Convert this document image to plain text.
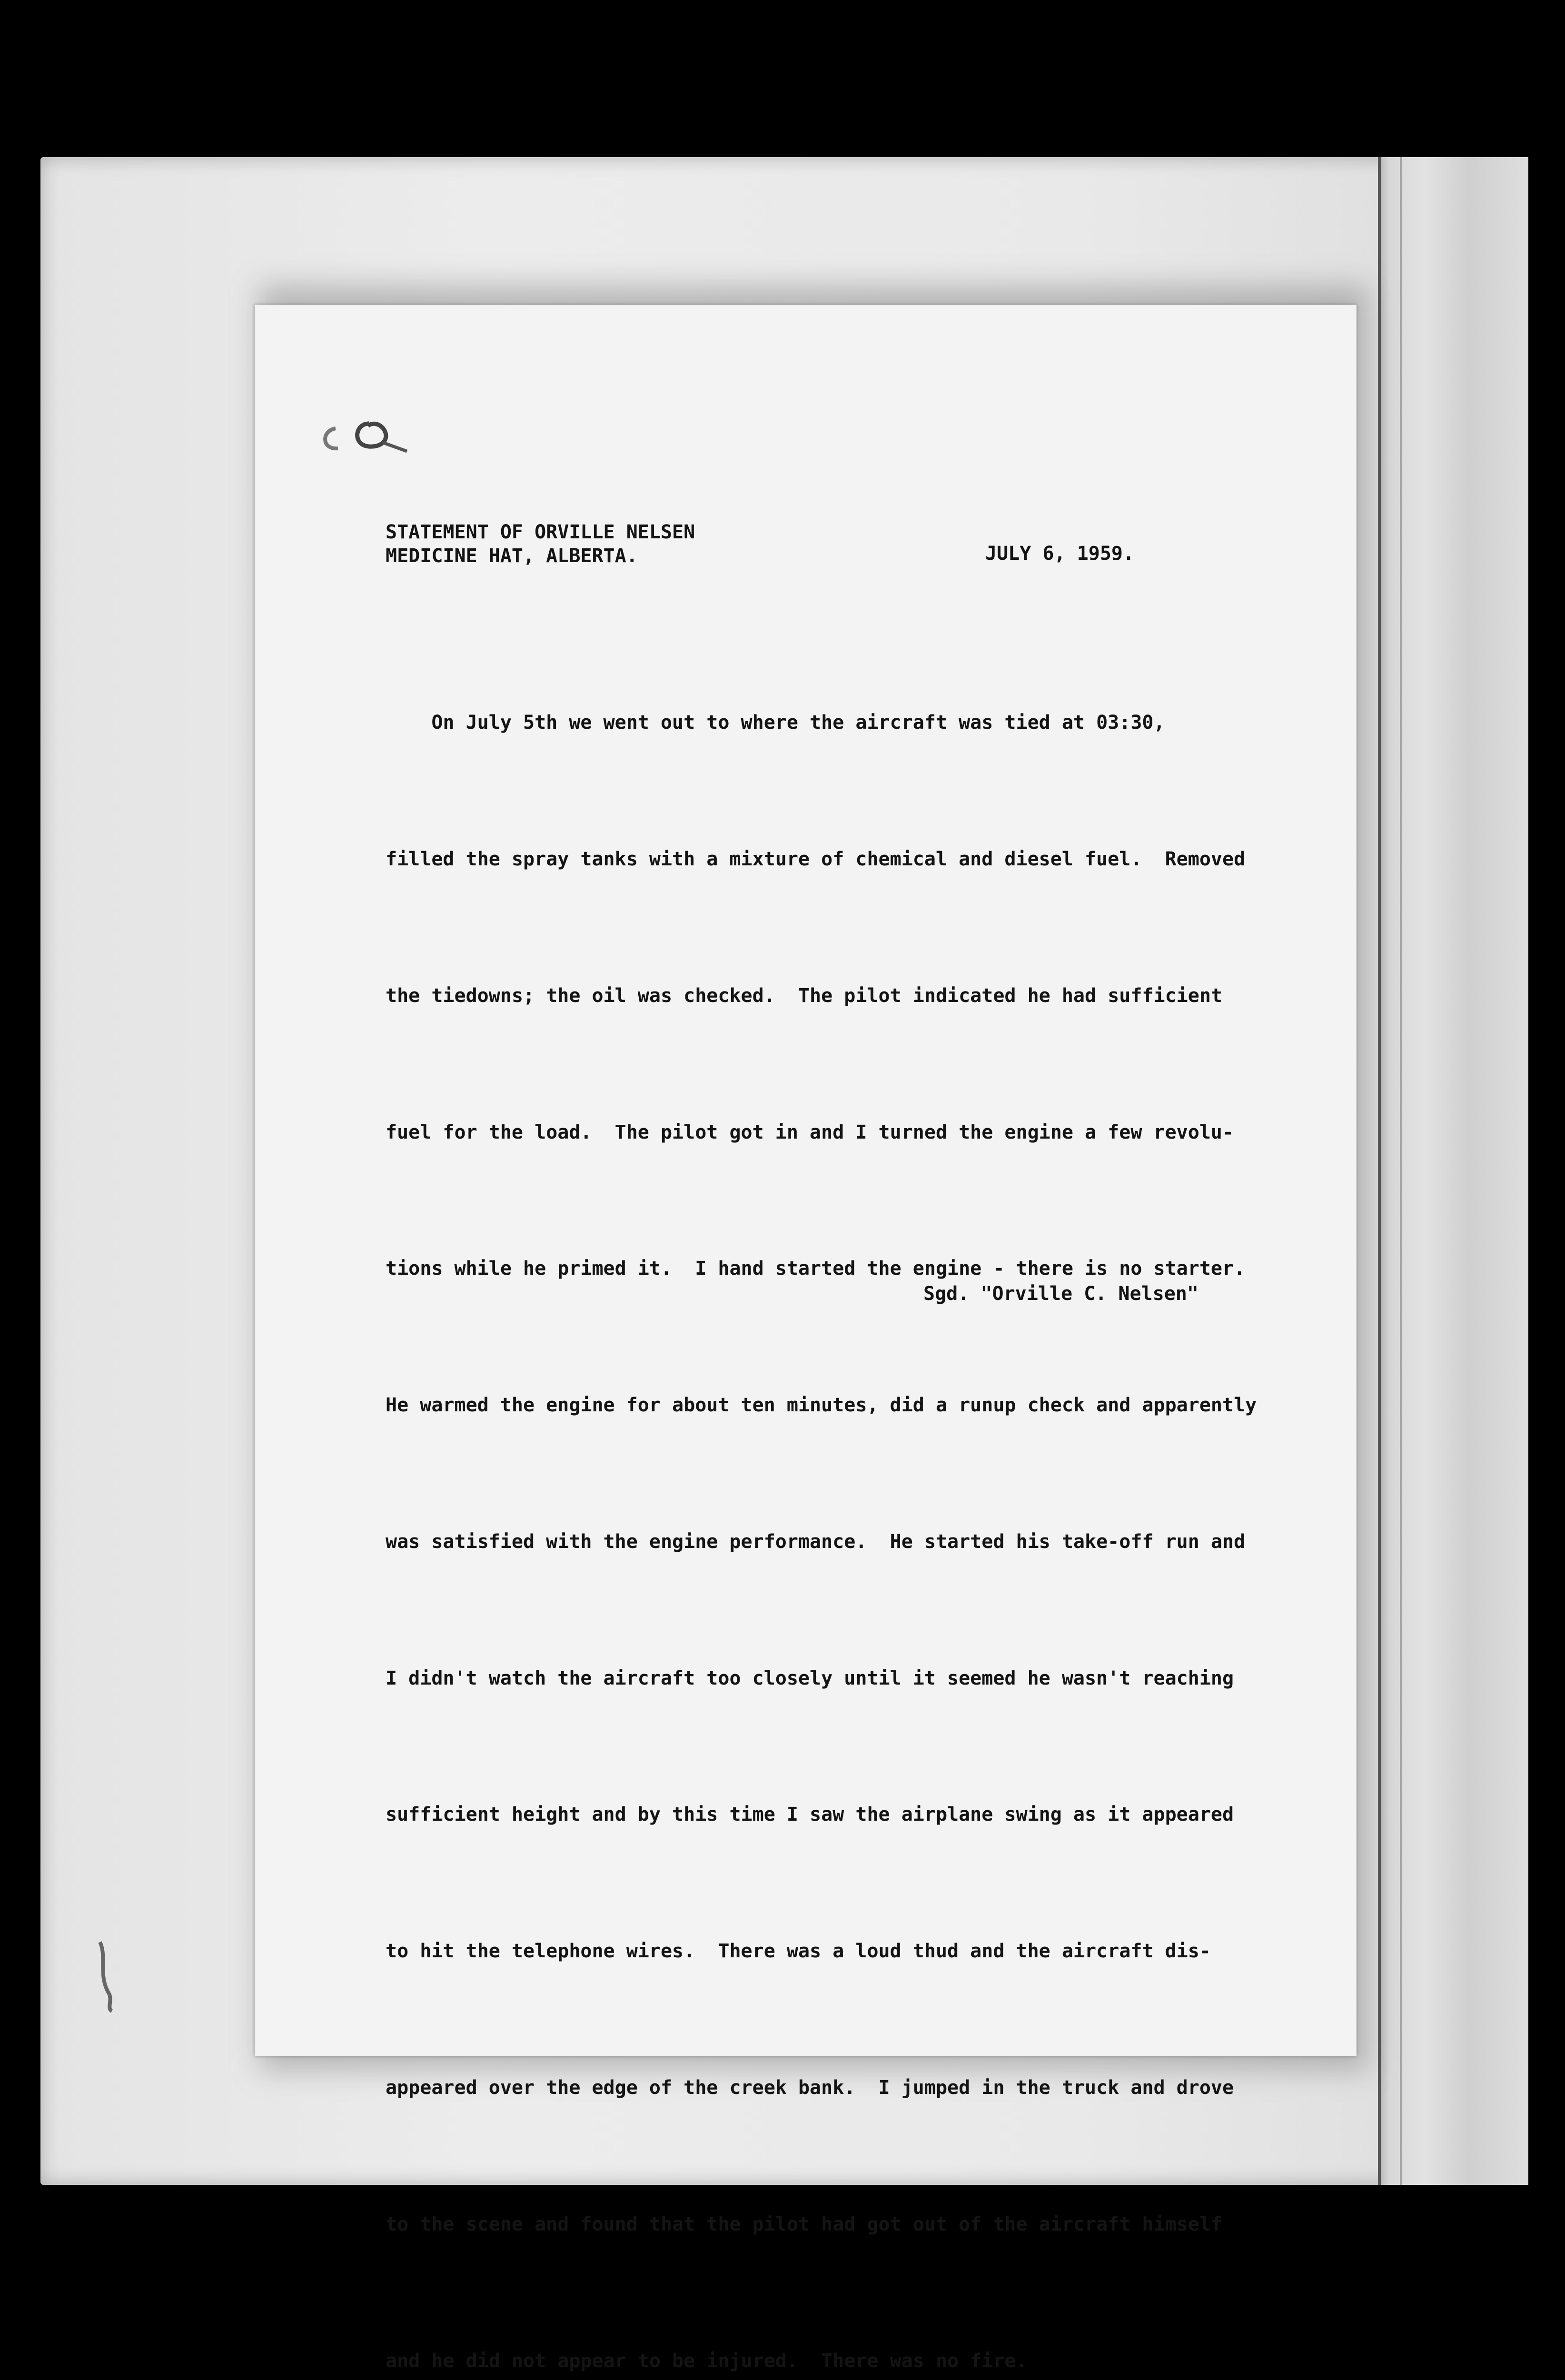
STATEMENT OF ORVILLE NELSEN
MEDICINE HAT, ALBERTA.	JULY 6, 1959.

On July 5th we went out to where the aircraft was tied at 03:30,

filled the spray tanks with a mixture of chemical and diesel fuel.  Removed

the tiedowns; the oil was checked.  The pilot indicated he had sufficient

fuel for the load.  The pilot got in and I turned the engine a few revolu-

tions while he primed it.  I hand started the engine - there is no starter.

He warmed the engine for about ten minutes, did a runup check and apparently

was satisfied with the engine performance.  He started his take-off run and

I didn't watch the aircraft too closely until it seemed he wasn't reaching

sufficient height and by this time I saw the airplane swing as it appeared

to hit the telephone wires.  There was a loud thud and the aircraft dis-

appeared over the edge of the creek bank.  I jumped in the truck and drove

to the scene and found that the pilot had got out of the aircraft himself

and he did not appear to be injured.  There was no fire.

Sgd. "Orville C. Nelsen"
